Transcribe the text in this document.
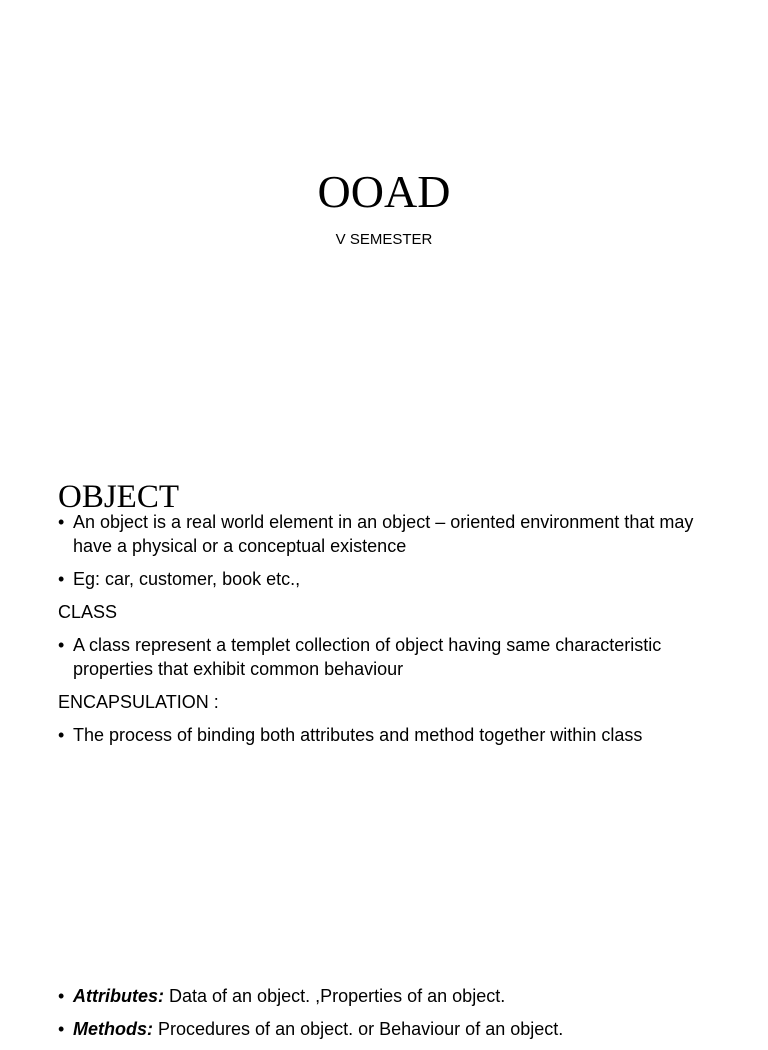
OOAD
V SEMESTER
OBJECT
• An object is a real world element in an object – oriented environment that may have a physical or a conceptual existence
• Eg: car, customer, book etc.,
CLASS
• A class represent a templet collection of object having same characteristic properties that exhibit common behaviour
ENCAPSULATION :
• The process of binding both attributes and method together within class
• Attributes: Data of an object. ,Properties of an object.
• Methods: Procedures of an object. or Behaviour of an object.
